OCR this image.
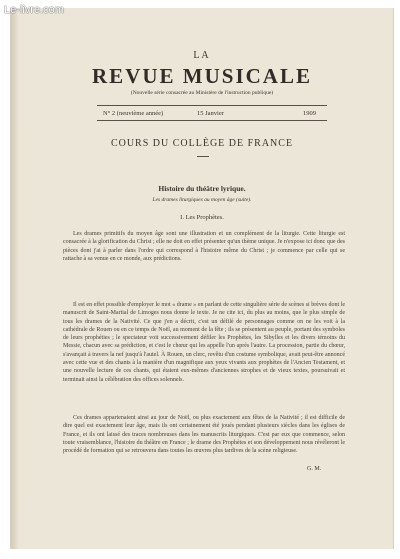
Le-livre.com
LA
REVUE MUSICALE
(Nouvelle série consacrée au Ministère de l'instruction publique)
N° 2 (neuvième année)	15 Janvier	1909
COURS DU COLLÈGE DE FRANCE
Histoire du théâtre lyrique.
Les drames liturgiques au moyen âge (suite).
I. Les Prophètes.
Les drames primitifs du moyen âge sont une illustration et un complément de la liturgie. Cette liturgie est consacrée à la glorification du Christ ; elle ne doit en effet présenter qu'un thème unique. Je n'expose ici donc que des pièces dont j'ai à parler dans l'ordre qui correspond à l'histoire même du Christ ; je commence par celle qui se rattache à sa venue en ce monde, aux prédictions.
Il est en effet possible d'employer le mot « drame » en parlant de cette singulière série de scènes si brèves dont le manuscrit de Saint-Martial de Limoges nous donne le texte. Je ne cite ici, du plus au moins, que le plus simple de tous les drames de la Nativité. Ce que j'en a décrit, c'est un défilé de personnages comme on ne les voit à la cathédrale de Rouen ou en ce temps de Noël, au moment de la fête ; ils se présentent au peuple, portant des symboles de leurs prophéties ; le spectateur voit successivement défiler les Prophètes, les Sibylles et les divers témoins du Messie, chacun avec sa prédiction, et c'est le chœur qui les appelle l'un après l'autre. La procession, partie du chœur, s'avançait à travers la nef jusqu'à l'autel. À Rouen, un clerc, revêtu d'un costume symbolique, avait peut-être annoncé avec cette vue et des chants à la manière d'un magnifique aux yeux vivants aux prophètes de l'Ancien Testament, et une nouvelle lecture de ces chants, qui étaient eux-mêmes d'anciennes strophes et de vieux textes, poursuivait et terminait ainsi la célébration des offices solennels.
Ces drames appartenaient ainsi au jour de Noël, ou plus exactement aux fêtes de la Nativité ; il est difficile de dire quel est exactement leur âge, mais ils ont certainement été joués pendant plusieurs siècles dans les églises de France, et ils ont laissé des traces nombreuses dans les manuscrits liturgiques. C'est par eux que commence, selon toute vraisemblance, l'histoire du théâtre en France ; le drame des Prophètes et son développement nous révéleront le procédé de formation qui se retrouvera dans toutes les œuvres plus tardives de la scène religieuse.
G. M.
